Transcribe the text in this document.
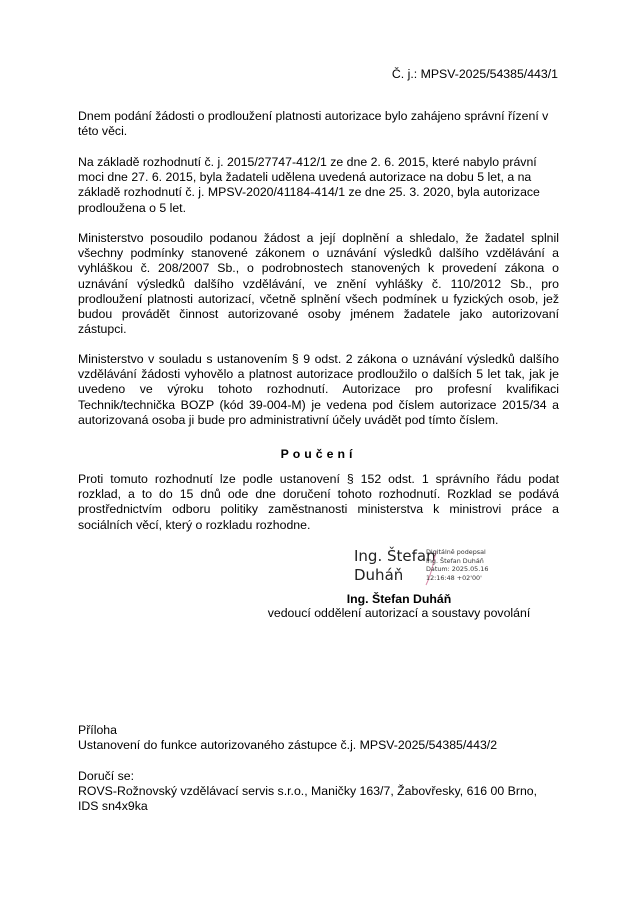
Č. j.: MPSV-2025/54385/443/1

Dnem podání žádosti o prodloužení platnosti autorizace bylo zahájeno správní řízení v této věci.

Na základě rozhodnutí č. j. 2015/27747-412/1 ze dne 2. 6. 2015, které nabylo právní moci dne 27. 6. 2015, byla žadateli udělena uvedená autorizace na dobu 5 let, a na základě rozhodnutí č. j. MPSV-2020/41184-414/1 ze dne 25. 3. 2020, byla autorizace prodloužena o 5 let.

Ministerstvo posoudilo podanou žádost a její doplnění a shledalo, že žadatel splnil všechny podmínky stanovené zákonem o uznávání výsledků dalšího vzdělávání a vyhláškou č. 208/2007 Sb., o podrobnostech stanovených k provedení zákona o uznávání výsledků dalšího vzdělávání, ve znění vyhlášky č. 110/2012 Sb., pro prodloužení platnosti autorizací, včetně splnění všech podmínek u fyzických osob, jež budou provádět činnost autorizované osoby jménem žadatele jako autorizovaní zástupci.

Ministerstvo v souladu s ustanovením § 9 odst. 2 zákona o uznávání výsledků dalšího vzdělávání žádosti vyhovělo a platnost autorizace prodloužilo o dalších 5 let tak, jak je uvedeno ve výroku tohoto rozhodnutí. Autorizace pro profesní kvalifikaci Technik/technička BOZP (kód 39-004-M) je vedena pod číslem autorizace 2015/34 a autorizovaná osoba ji bude pro administrativní účely uvádět pod tímto číslem.

Poučení

Proti tomuto rozhodnutí lze podle ustanovení § 152 odst. 1 správního řádu podat rozklad, a to do 15 dnů ode dne doručení tohoto rozhodnutí. Rozklad se podává prostřednictvím odboru politiky zaměstnanosti ministerstva k ministrovi práce a sociálních věcí, který o rozkladu rozhodne.

Ing. Štefan
Duháň
Digitálně podepsal
Ing. Štefan Duháň
Datum: 2025.05.16
12:16:48 +02'00'
Ing. Štefan Duháň
vedoucí oddělení autorizací a soustavy povolání
Příloha
Ustanovení do funkce autorizovaného zástupce č.j. MPSV-2025/54385/443/2
Doručí se:
ROVS-Rožnovský vzdělávací servis s.r.o., Maničky 163/7, Žabovřesky, 616 00 Brno,
IDS sn4x9ka
